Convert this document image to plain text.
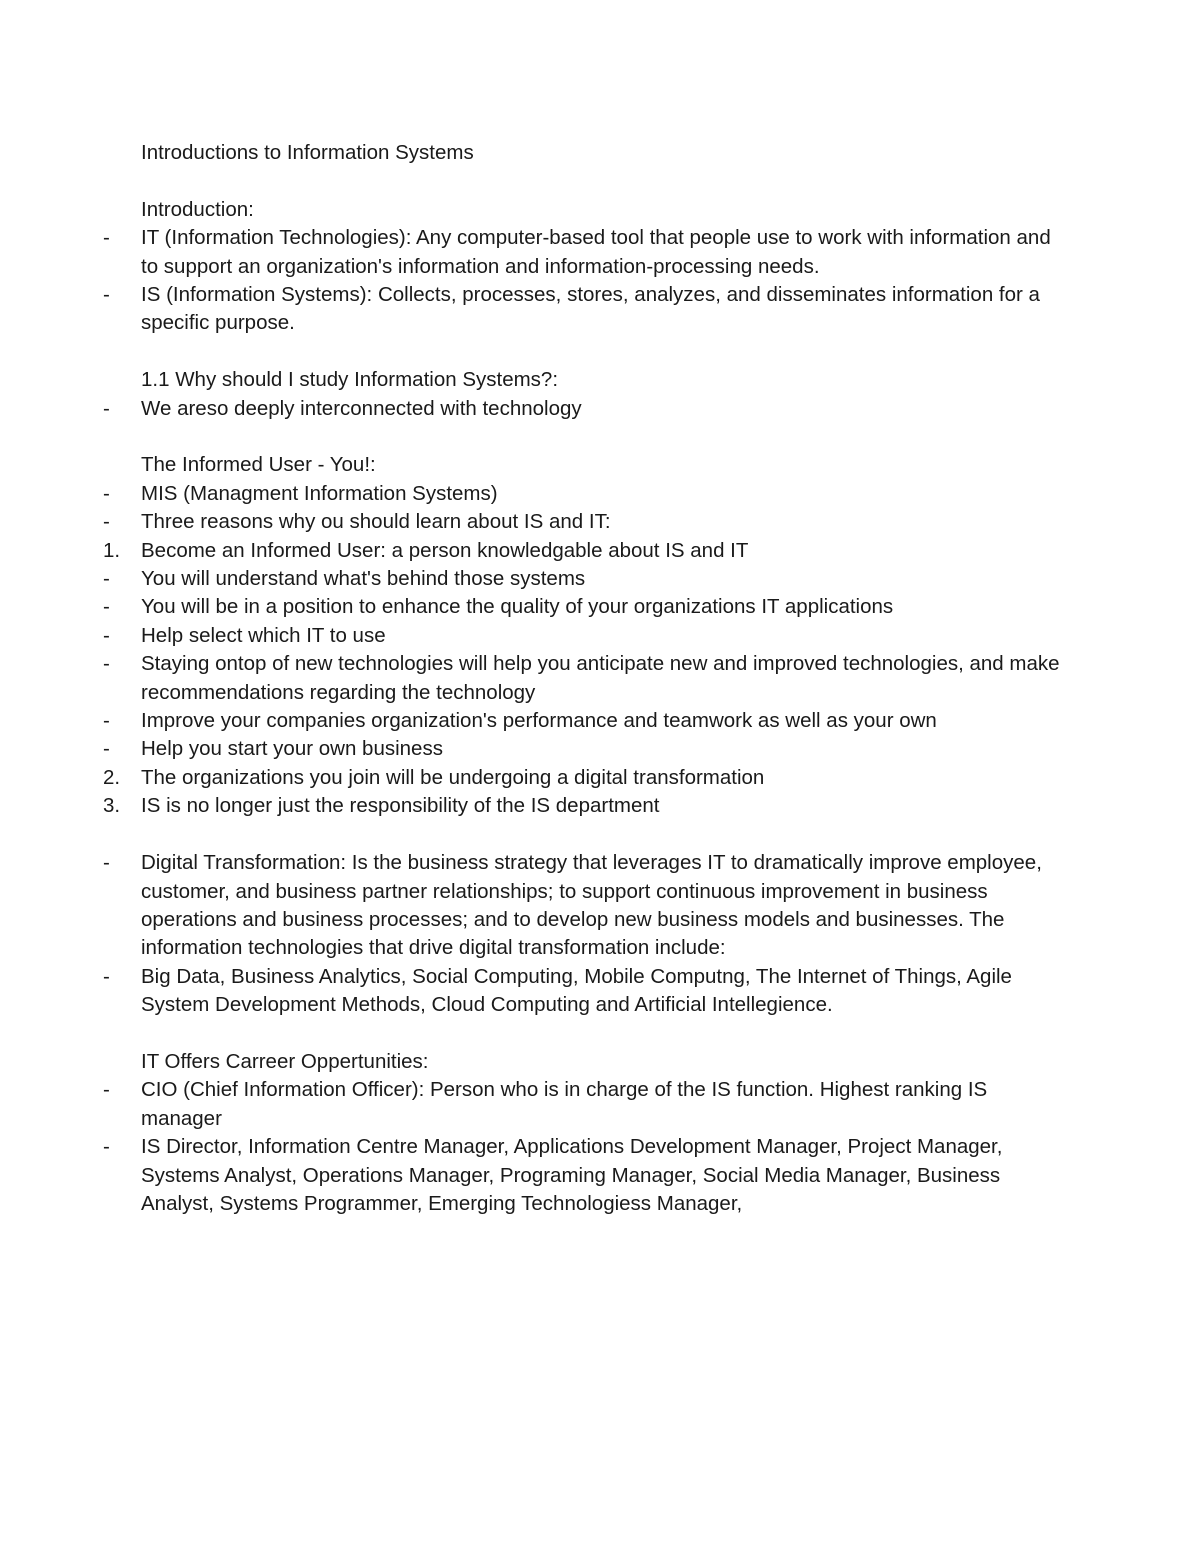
Introductions to Information Systems

Introduction:

-	IT (Information Technologies): Any computer-based tool that people use to work with information and to support an organization's information and information-processing needs.
-	IS (Information Systems): Collects, processes, stores, analyzes, and disseminates information for a specific purpose.

1.1 Why should I study Information Systems?:

-	We areso deeply interconnected with technology

The Informed User - You!:

-	MIS (Managment Information Systems)
-	Three reasons why ou should learn about IS and IT:
1.	Become an Informed User: a person knowledgable about IS and IT
-	You will understand what's behind those systems
-	You will be in a position to enhance the quality of your organizations IT applications
-	Help select which IT to use
-	Staying ontop of new technologies will help you anticipate new and improved technologies, and make recommendations regarding the technology
-	Improve your companies organization's performance and teamwork as well as your own
-	Help you start your own business
2.	The organizations you join will be undergoing a digital transformation
3.	IS is no longer just the responsibility of the IS department
-	Digital Transformation: Is the business strategy that leverages IT to dramatically improve employee, customer, and business partner relationships; to support continuous improvement in business operations and business processes; and to develop new business models and businesses. The information technologies that drive digital transformation include:
-	Big Data, Business Analytics, Social Computing, Mobile Computng, The Internet of Things, Agile System Development Methods, Cloud Computing and Artificial Intellegience.

IT Offers Carreer Oppertunities:

-	CIO (Chief Information Officer): Person who is in charge of the IS function. Highest ranking IS manager
-	IS Director, Information Centre Manager, Applications Development Manager, Project Manager, Systems Analyst, Operations Manager, Programing Manager, Social Media Manager, Business Analyst, Systems Programmer, Emerging Technologiess Manager,
